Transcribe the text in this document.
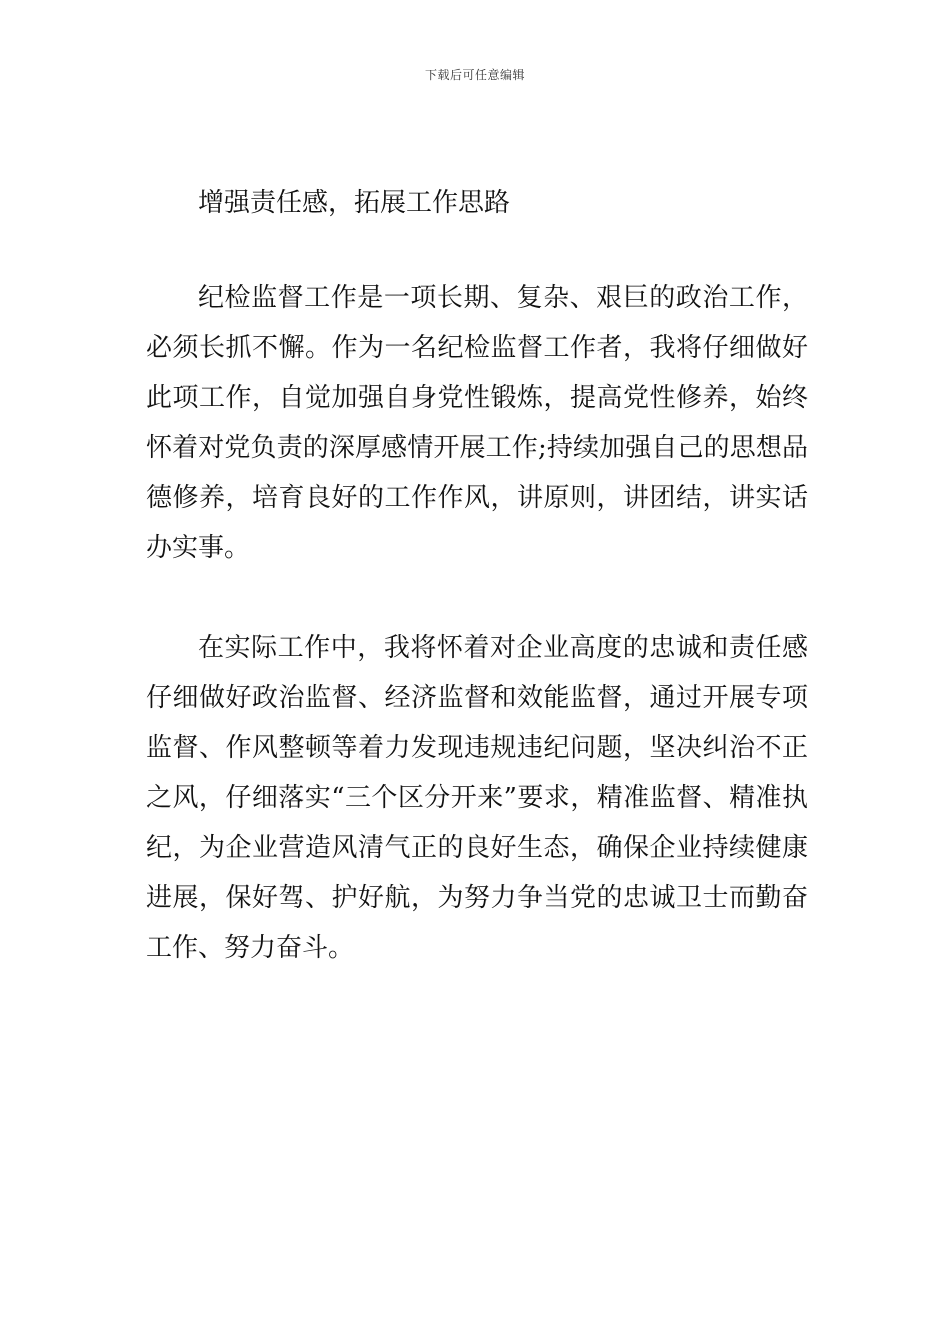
下载后可任意编辑
增强责任感，拓展工作思路
纪检监督工作是一项长期、复杂、艰巨的政治工作，必须长抓不懈。作为一名纪检监督工作者，我将仔细做好此项工作，自觉加强自身党性锻炼，提高党性修养，始终怀着对党负责的深厚感情开展工作;持续加强自己的思想品德修养，培育良好的工作作风，讲原则，讲团结，讲实话办实事。
在实际工作中，我将怀着对企业高度的忠诚和责任感仔细做好政治监督、经济监督和效能监督，通过开展专项监督、作风整顿等着力发现违规违纪问题，坚决纠治不正之风，仔细落实“三个区分开来”要求，精准监督、精准执纪，为企业营造风清气正的良好生态，确保企业持续健康进展，保好驾、护好航，为努力争当党的忠诚卫士而勤奋工作、努力奋斗。
